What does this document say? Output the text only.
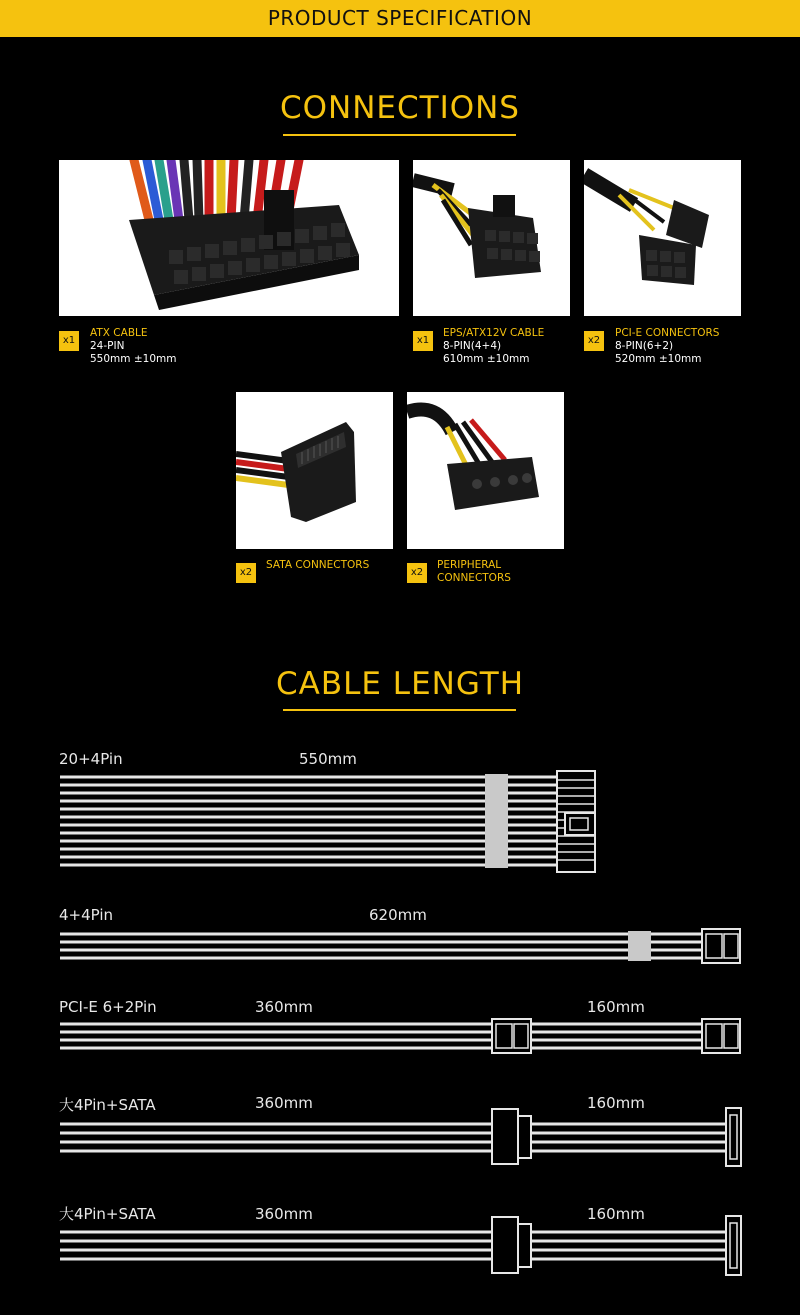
PRODUCT SPECIFICATION
CONNECTIONS
x1
ATX CABLE
24-PIN
550mm ±10mm
x1
EPS/ATX12V CABLE
8-PIN(4+4)
610mm ±10mm
x2
PCI-E CONNECTORS
8-PIN(6+2)
520mm ±10mm
x2
SATA CONNECTORS
x2
PERIPHERAL
CONNECTORS
CABLE LENGTH
20+4Pin	550mm
4+4Pin	620mm
PCI-E 6+2Pin	360mm	160mm
大4Pin+SATA	360mm	160mm
大4Pin+SATA	360mm	160mm
